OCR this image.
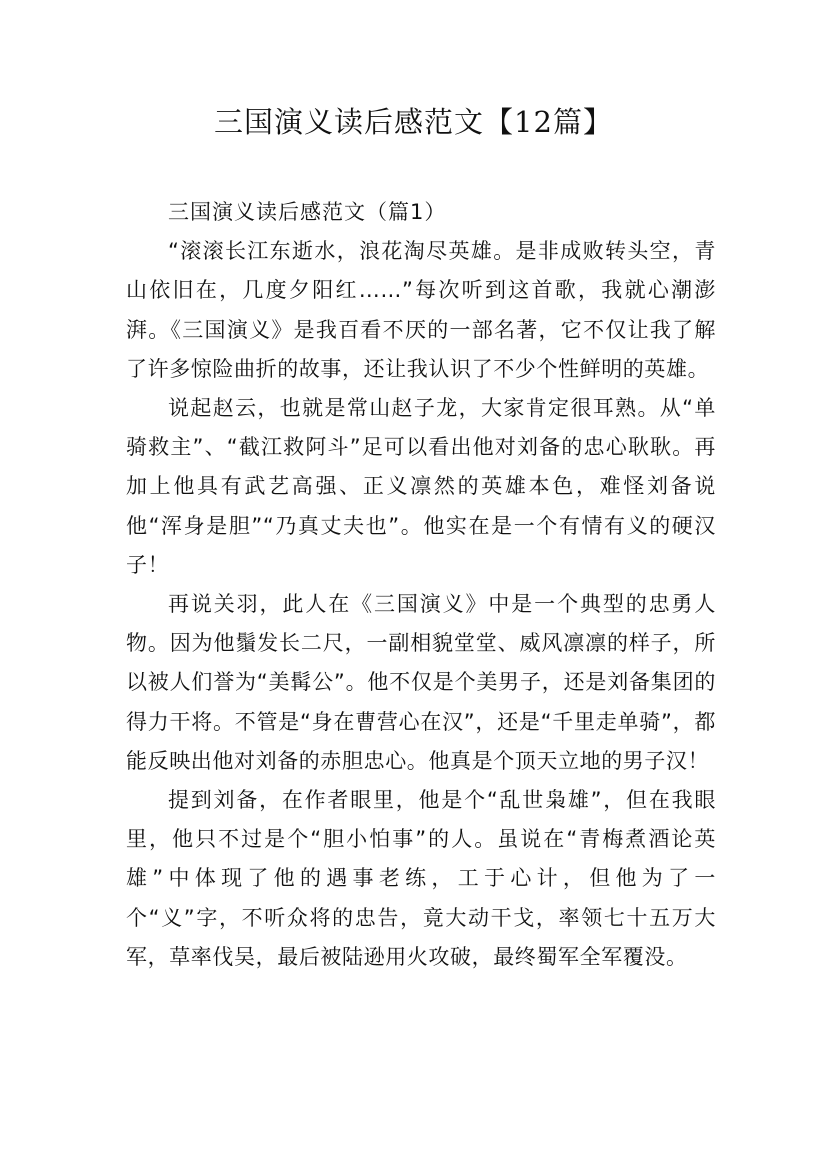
三国演义读后感范文【12篇】

三国演义读后感范文（篇1）

“滚滚长江东逝水，浪花淘尽英雄。是非成败转头空，青山依旧在，几度夕阳红……”每次听到这首歌，我就心潮澎湃。《三国演义》是我百看不厌的一部名著，它不仅让我了解了许多惊险曲折的故事，还让我认识了不少个性鲜明的英雄。

说起赵云，也就是常山赵子龙，大家肯定很耳熟。从“单骑救主”、“截江救阿斗”足可以看出他对刘备的忠心耿耿。再加上他具有武艺高强、正义凛然的英雄本色，难怪刘备说他“浑身是胆”“乃真丈夫也”。他实在是一个有情有义的硬汉子！

再说关羽，此人在《三国演义》中是一个典型的忠勇人物。因为他鬚发长二尺，一副相貌堂堂、威风凛凛的样子，所以被人们誉为“美髯公”。他不仅是个美男子，还是刘备集团的得力干将。不管是“身在曹营心在汉”，还是“千里走单骑”，都能反映出他对刘备的赤胆忠心。他真是个顶天立地的男子汉！

提到刘备，在作者眼里，他是个“乱世枭雄”，但在我眼里，他只不过是个“胆小怕事”的人。虽说在“青梅煮酒论英雄”中体现了他的遇事老练，工于心计，但他为了一个“义”字，不听众将的忠告，竟大动干戈，率领七十五万大军，草率伐吴，最后被陆逊用火攻破，最终蜀军全军覆没。
